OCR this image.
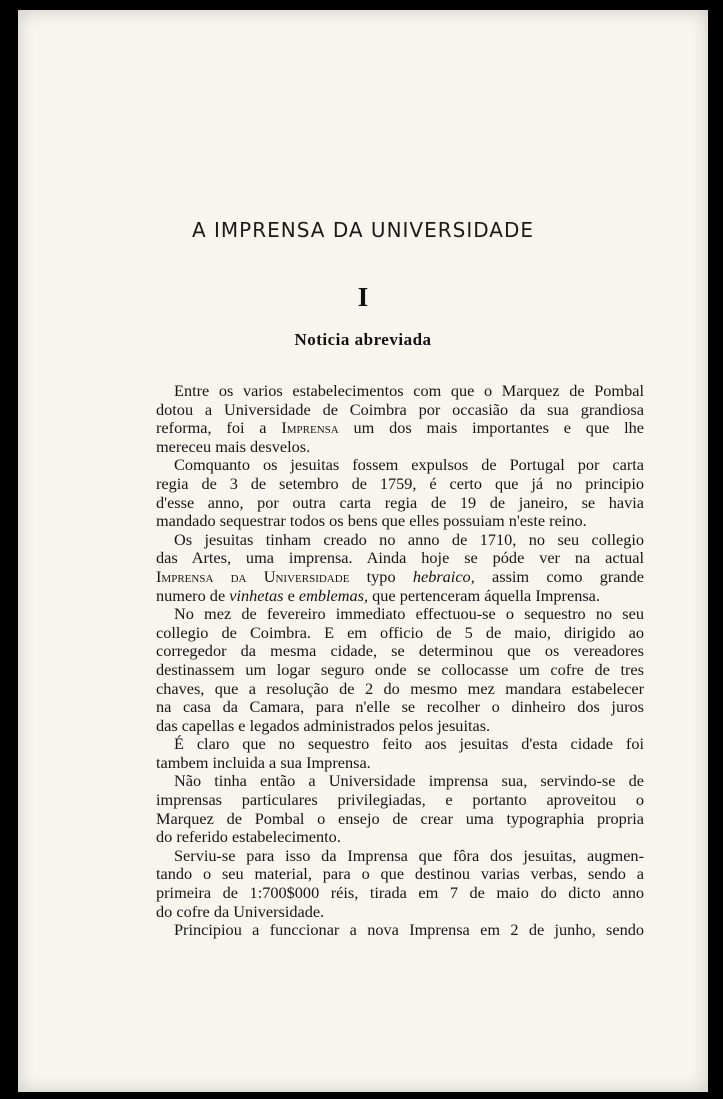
A IMPRENSA DA UNIVERSIDADE
I
Noticia abreviada
Entre os varios estabelecimentos com que o Marquez de Pombal
dotou a Universidade de Coimbra por occasião da sua grandiosa
reforma, foi a Imprensa um dos mais importantes e que lhe
mereceu mais desvelos.
Comquanto os jesuitas fossem expulsos de Portugal por carta
regia de 3 de setembro de 1759, é certo que já no principio
d'esse anno, por outra carta regia de 19 de janeiro, se havia
mandado sequestrar todos os bens que elles possuiam n'este reino.
Os jesuitas tinham creado no anno de 1710, no seu collegio
das Artes, uma imprensa. Ainda hoje se póde ver na actual
Imprensa da Universidade typo hebraico, assim como grande
numero de vinhetas e emblemas, que pertenceram áquella Imprensa.
No mez de fevereiro immediato effectuou-se o sequestro no seu
collegio de Coimbra. E em officio de 5 de maio, dirigido ao
corregedor da mesma cidade, se determinou que os vereadores
destinassem um logar seguro onde se collocasse um cofre de tres
chaves, que a resolução de 2 do mesmo mez mandara estabelecer
na casa da Camara, para n'elle se recolher o dinheiro dos juros
das capellas e legados administrados pelos jesuitas.
É claro que no sequestro feito aos jesuitas d'esta cidade foi
tambem incluida a sua Imprensa.
Não tinha então a Universidade imprensa sua, servindo-se de
imprensas particulares privilegiadas, e portanto aproveitou o
Marquez de Pombal o ensejo de crear uma typographia propria
do referido estabelecimento.
Serviu-se para isso da Imprensa que fôra dos jesuitas, augmen-
tando o seu material, para o que destinou varias verbas, sendo a
primeira de 1:700$000 réis, tirada em 7 de maio do dicto anno
do cofre da Universidade.
Principiou a funccionar a nova Imprensa em 2 de junho, sendo
